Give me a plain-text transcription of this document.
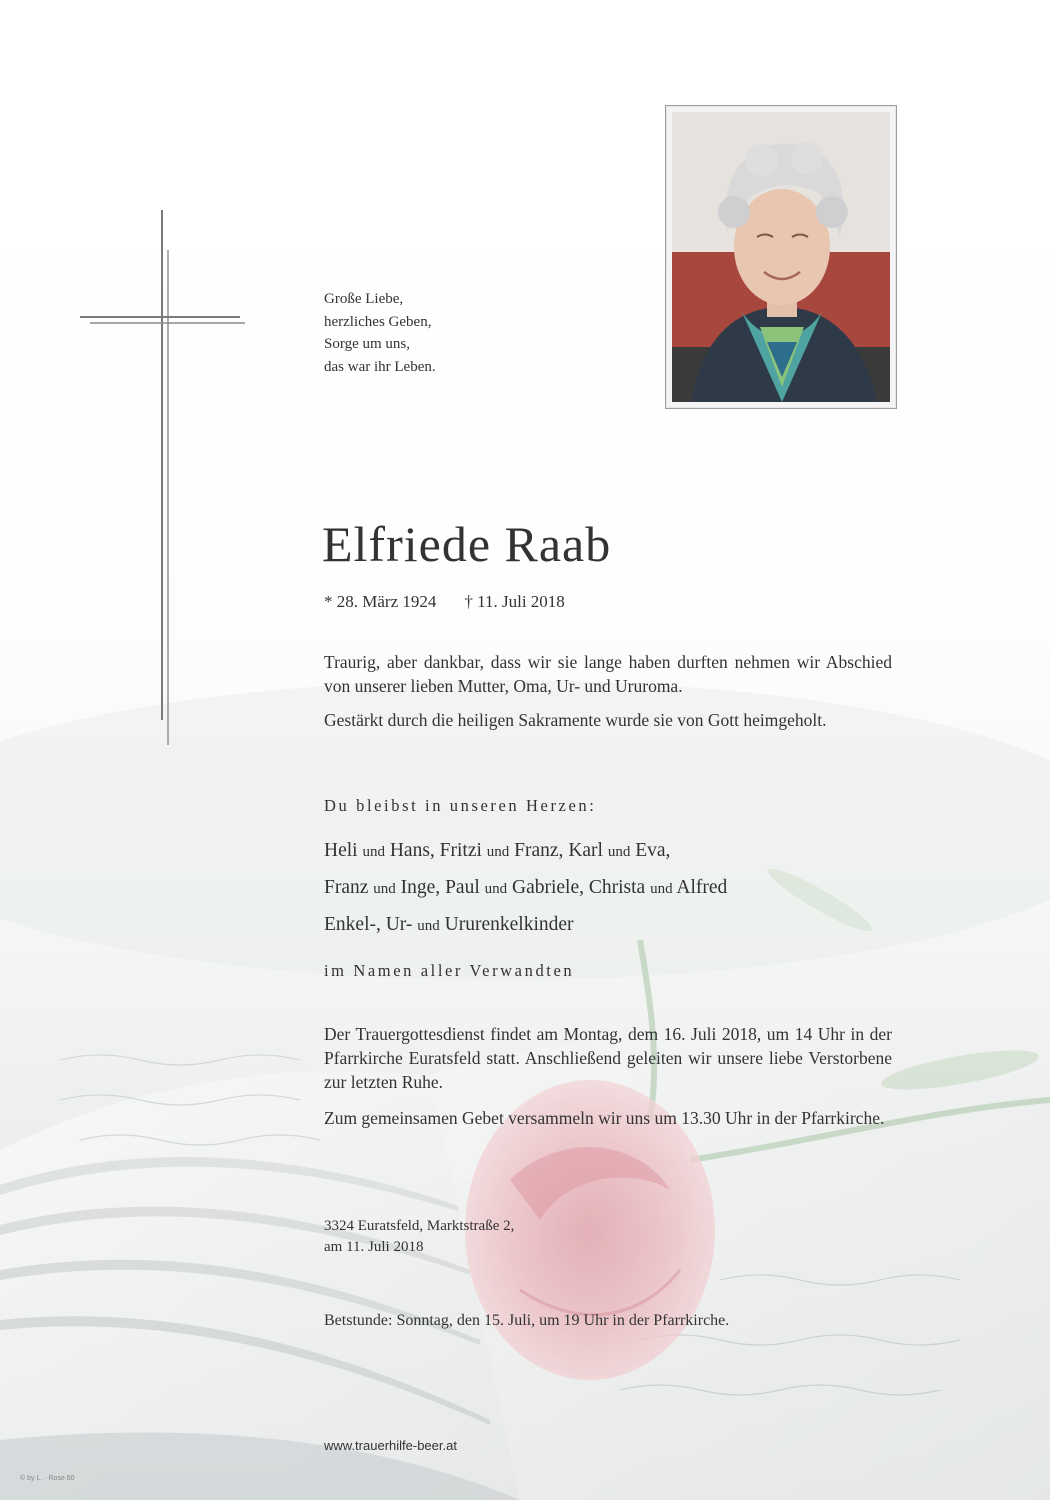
Große Liebe,
herzliches Geben,
Sorge um uns,
das war ihr Leben.
Elfriede Raab
* 28. März 1924 † 11. Juli 2018
Traurig, aber dankbar, dass wir sie lange haben durften nehmen wir Abschied von unserer lieben Mutter, Oma, Ur- und Ururoma.
Gestärkt durch die heiligen Sakramente wurde sie von Gott heimgeholt.
Du bleibst in unseren Herzen:
Heli und Hans, Fritzi und Franz, Karl und Eva,
Franz und Inge, Paul und Gabriele, Christa und Alfred
Enkel-, Ur- und Ururenkelkinder
im Namen aller Verwandten
Der Trauergottesdienst findet am Montag, dem 16. Juli 2018, um 14 Uhr in der Pfarrkirche Euratsfeld statt. Anschließend geleiten wir unsere liebe Verstorbene zur letzten Ruhe.
Zum gemeinsamen Gebet versammeln wir uns um 13.30 Uhr in der Pfarrkirche.
3324 Euratsfeld, Marktstraße 2,
am 11. Juli 2018
Betstunde: Sonntag, den 15. Juli, um 19 Uhr in der Pfarrkirche.
www.trauerhilfe-beer.at
© by L. · Rose 60
